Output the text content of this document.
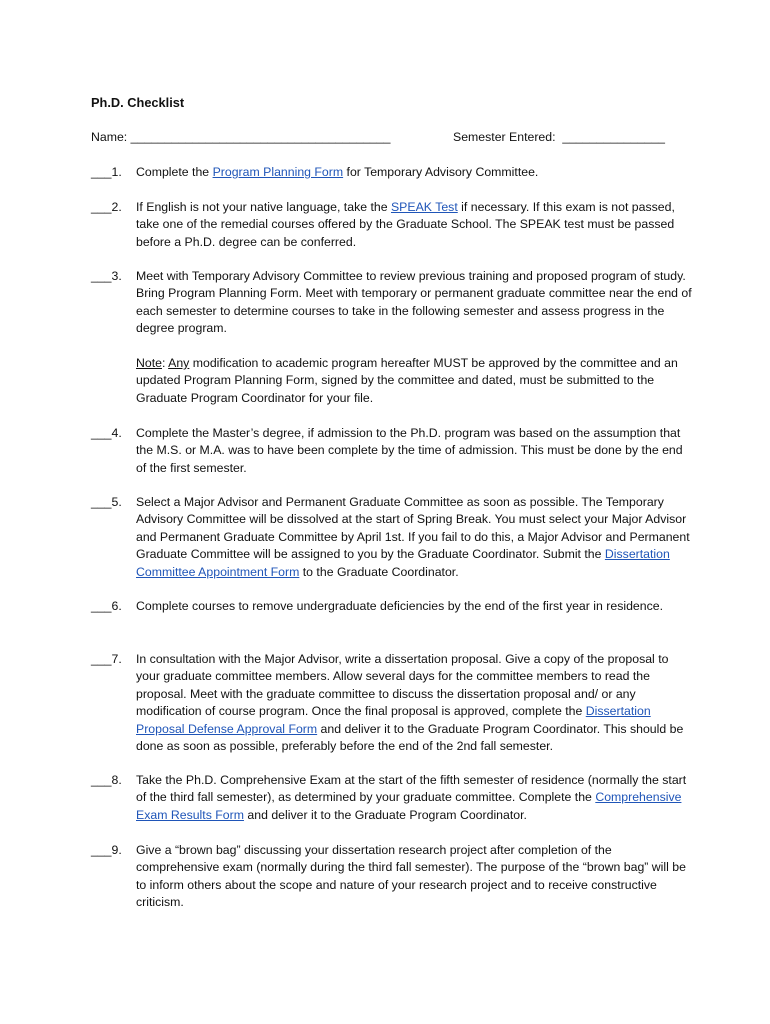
Ph.D. Checklist
Name: ______________________________________	Semester Entered:  _______________
___1. Complete the Program Planning Form for Temporary Advisory Committee.

___2. If English is not your native language, take the SPEAK Test if necessary. If this exam is not passed, take one of the remedial courses offered by the Graduate School. The SPEAK test must be passed before a Ph.D. degree can be conferred.

___3. Meet with Temporary Advisory Committee to review previous training and proposed program of study. Bring Program Planning Form. Meet with temporary or permanent graduate committee near the end of each semester to determine courses to take in the following semester and assess progress in the degree program.

Note: Any modification to academic program hereafter MUST be approved by the committee and an updated Program Planning Form, signed by the committee and dated, must be submitted to the Graduate Program Coordinator for your file.

___4. Complete the Master’s degree, if admission to the Ph.D. program was based on the assumption that the M.S. or M.A. was to have been complete by the time of admission. This must be done by the end of the first semester.
___5. Select a Major Advisor and Permanent Graduate Committee as soon as possible. The Temporary Advisory Committee will be dissolved at the start of Spring Break. You must select your Major Advisor and Permanent Graduate Committee by April 1st. If you fail to do this, a Major Advisor and Permanent Graduate Committee will be assigned to you by the Graduate Coordinator. Submit the Dissertation Committee Appointment Form to the Graduate Coordinator.

___6. Complete courses to remove undergraduate deficiencies by the end of the first year in residence.
___7. In consultation with the Major Advisor, write a dissertation proposal. Give a copy of the proposal to your graduate committee members. Allow several days for the committee members to read the proposal. Meet with the graduate committee to discuss the dissertation proposal and/ or any modification of course program. Once the final proposal is approved, complete the Dissertation Proposal Defense Approval Form and deliver it to the Graduate Program Coordinator. This should be done as soon as possible, preferably before the end of the 2nd fall semester.

___8. Take the Ph.D. Comprehensive Exam at the start of the fifth semester of residence (normally the start of the third fall semester), as determined by your graduate committee. Complete the Comprehensive Exam Results Form and deliver it to the Graduate Program Coordinator.

___9. Give a “brown bag” discussing your dissertation research project after completion of the comprehensive exam (normally during the third fall semester). The purpose of the “brown bag” will be to inform others about the scope and nature of your research project and to receive constructive criticism.
